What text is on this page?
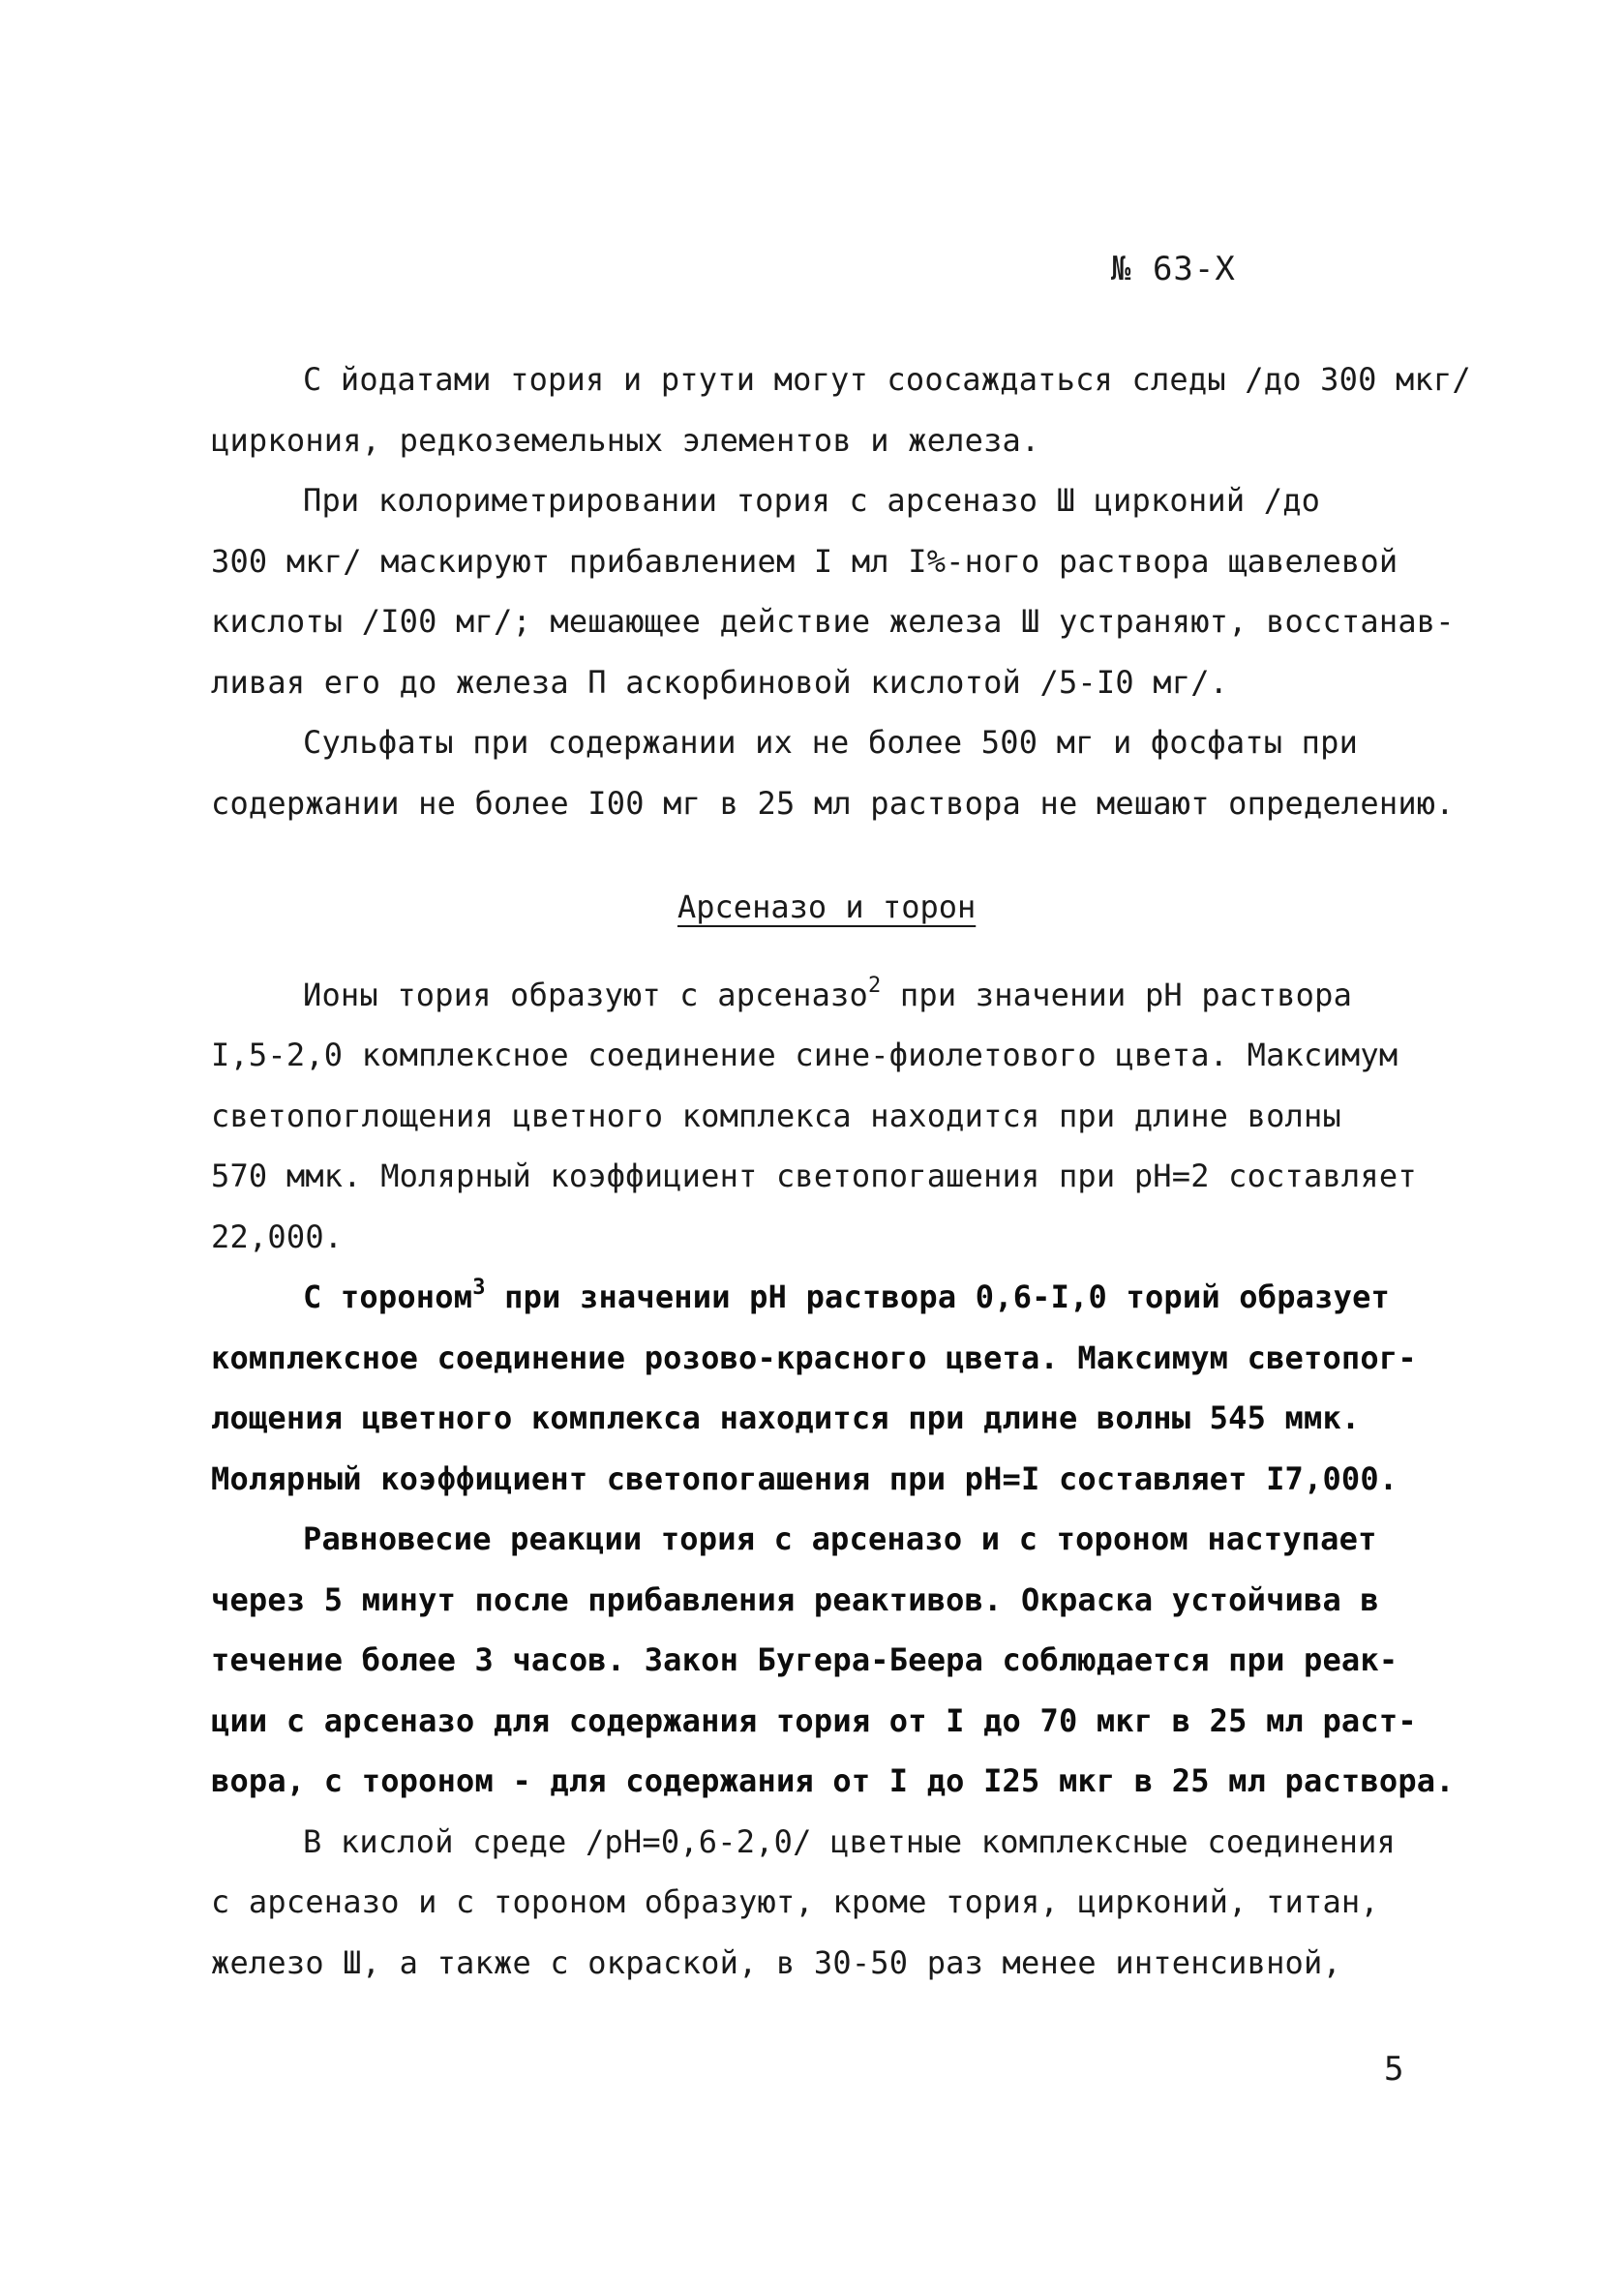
№ 63-Х
С йодатами тория и ртути могут соосаждаться следы /до 300 мкг/
циркония, редкоземельных элементов и железа.
При колориметрировании тория с арсеназо Ш цирконий /до
300 мкг/ маскируют прибавлением I мл I%-ного раствора щавелевой
кислоты /I00 мг/; мешающее действие железа Ш устраняют, восстанав-
ливая его до железа П аскорбиновой кислотой /5-I0 мг/.
Сульфаты при содержании их не более 500 мг и фосфаты при
содержании не более I00 мг в 25 мл раствора не мешают определению.
Арсеназо и торон
Ионы тория образуют с арсеназо$^2$ при значении pH раствора
I,5-2,0 комплексное соединение сине-фиолетового цвета. Максимум
светопоглощения цветного комплекса находится при длине волны
570 ммк. Молярный коэффициент светопогашения при pH=2 составляет
22,000.
С тороном$^3$ при значении pH раствора 0,6-I,0 торий образует
комплексное соединение розово-красного цвета. Максимум светопог-
лощения цветного комплекса находится при длине волны 545 ммк.
Молярный коэффициент светопогашения при pH=I составляет I7,000.
Равновесие реакции тория с арсеназо и с тороном наступает
через 5 минут после прибавления реактивов. Окраска устойчива в
течение более 3 часов. Закон Бугера-Беера соблюдается при реак-
ции с арсеназо для содержания тория от I до 70 мкг в 25 мл раст-
вора, с тороном - для содержания от I до I25 мкг в 25 мл раствора.
В кислой среде /pH=0,6-2,0/ цветные комплексные соединения
с арсеназо и с тороном образуют, кроме тория, цирконий, титан,
железо Ш, а также с окраской, в 30-50 раз менее интенсивной,
5
